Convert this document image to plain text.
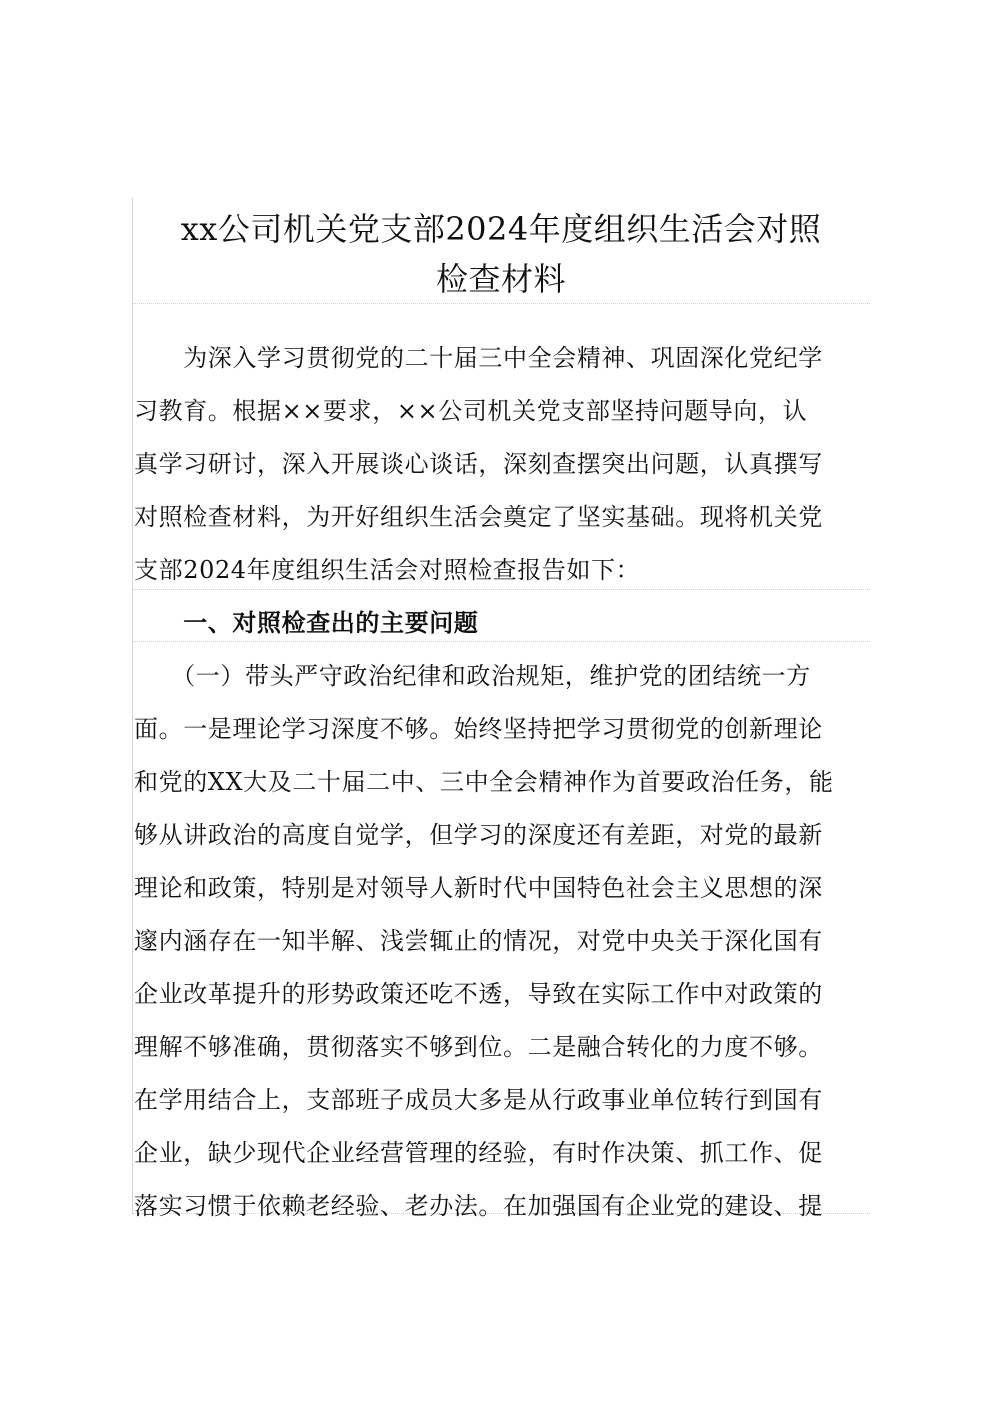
xx公司机关党支部2024年度组织生活会对照
检查材料
　　为深入学习贯彻党的二十届三中全会精神、巩固深化党纪学
习教育。根据××要求，××公司机关党支部坚持问题导向，认
真学习研讨，深入开展谈心谈话，深刻查摆突出问题，认真撰写
对照检查材料，为开好组织生活会奠定了坚实基础。现将机关党
支部2024年度组织生活会对照检查报告如下：
　　一、对照检查出的主要问题
　　（一）带头严守政治纪律和政治规矩，维护党的团结统一方
面。一是理论学习深度不够。始终坚持把学习贯彻党的创新理论
和党的XX大及二十届二中、三中全会精神作为首要政治任务，能
够从讲政治的高度自觉学，但学习的深度还有差距，对党的最新
理论和政策，特别是对领导人新时代中国特色社会主义思想的深
邃内涵存在一知半解、浅尝辄止的情况，对党中央关于深化国有
企业改革提升的形势政策还吃不透，导致在实际工作中对政策的
理解不够准确，贯彻落实不够到位。二是融合转化的力度不够。
在学用结合上，支部班子成员大多是从行政事业单位转行到国有
企业，缺少现代企业经营管理的经验，有时作决策、抓工作、促
落实习惯于依赖老经验、老办法。在加强国有企业党的建设、提
